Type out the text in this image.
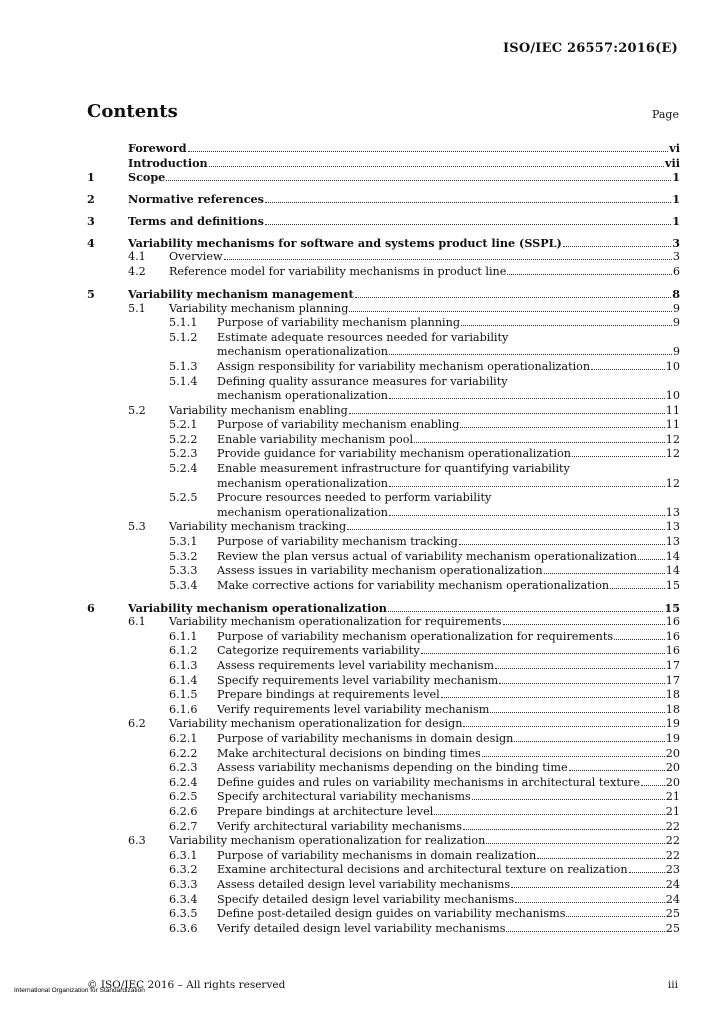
ISO/IEC 26557:2016(E)
Contents	Page
Foreword	vi
Introduction	vii
1	Scope	1
2	Normative references	1
3	Terms and definitions	1
4	Variability mechanisms for software and systems product line (SSPL)	3
4.1	Overview	3
4.2	Reference model for variability mechanisms in product line	6
5	Variability mechanism management	8
5.1	Variability mechanism planning	9
5.1.1	Purpose of variability mechanism planning	9
5.1.2	Estimate adequate resources needed for variability
mechanism operationalization	9
5.1.3	Assign responsibility for variability mechanism operationalization	10
5.1.4	Defining quality assurance measures for variability
mechanism operationalization	10
5.2	Variability mechanism enabling	11
5.2.1	Purpose of variability mechanism enabling	11
5.2.2	Enable variability mechanism pool	12
5.2.3	Provide guidance for variability mechanism operationalization	12
5.2.4	Enable measurement infrastructure for quantifying variability
mechanism operationalization	12
5.2.5	Procure resources needed to perform variability
mechanism operationalization	13
5.3	Variability mechanism tracking	13
5.3.1	Purpose of variability mechanism tracking	13
5.3.2	Review the plan versus actual of variability mechanism operationalization	14
5.3.3	Assess issues in variability mechanism operationalization	14
5.3.4	Make corrective actions for variability mechanism operationalization	15
6	Variability mechanism operationalization	15
6.1	Variability mechanism operationalization for requirements	16
6.1.1	Purpose of variability mechanism operationalization for requirements	16
6.1.2	Categorize requirements variability	16
6.1.3	Assess requirements level variability mechanism	17
6.1.4	Specify requirements level variability mechanism	17
6.1.5	Prepare bindings at requirements level	18
6.1.6	Verify requirements level variability mechanism	18
6.2	Variability mechanism operationalization for design	19
6.2.1	Purpose of variability mechanisms in domain design	19
6.2.2	Make architectural decisions on binding times	20
6.2.3	Assess variability mechanisms depending on the binding time	20
6.2.4	Define guides and rules on variability mechanisms in architectural texture 20
6.2.5	Specify architectural variability mechanisms	21
6.2.6	Prepare bindings at architecture level	21
6.2.7	Verify architectural variability mechanisms	22
6.3	Variability mechanism operationalization for realization	22
6.3.1	Purpose of variability mechanisms in domain realization	22
6.3.2	Examine architectural decisions and architectural texture on realization	23
6.3.3	Assess detailed design level variability mechanisms	24
6.3.4	Specify detailed design level variability mechanisms	24
6.3.5	Define post-detailed design guides on variability mechanisms	25
6.3.6	Verify detailed design level variability mechanisms	25
© ISO/IEC 2016 – All rights reserved	iii
International Organization for Standardization
